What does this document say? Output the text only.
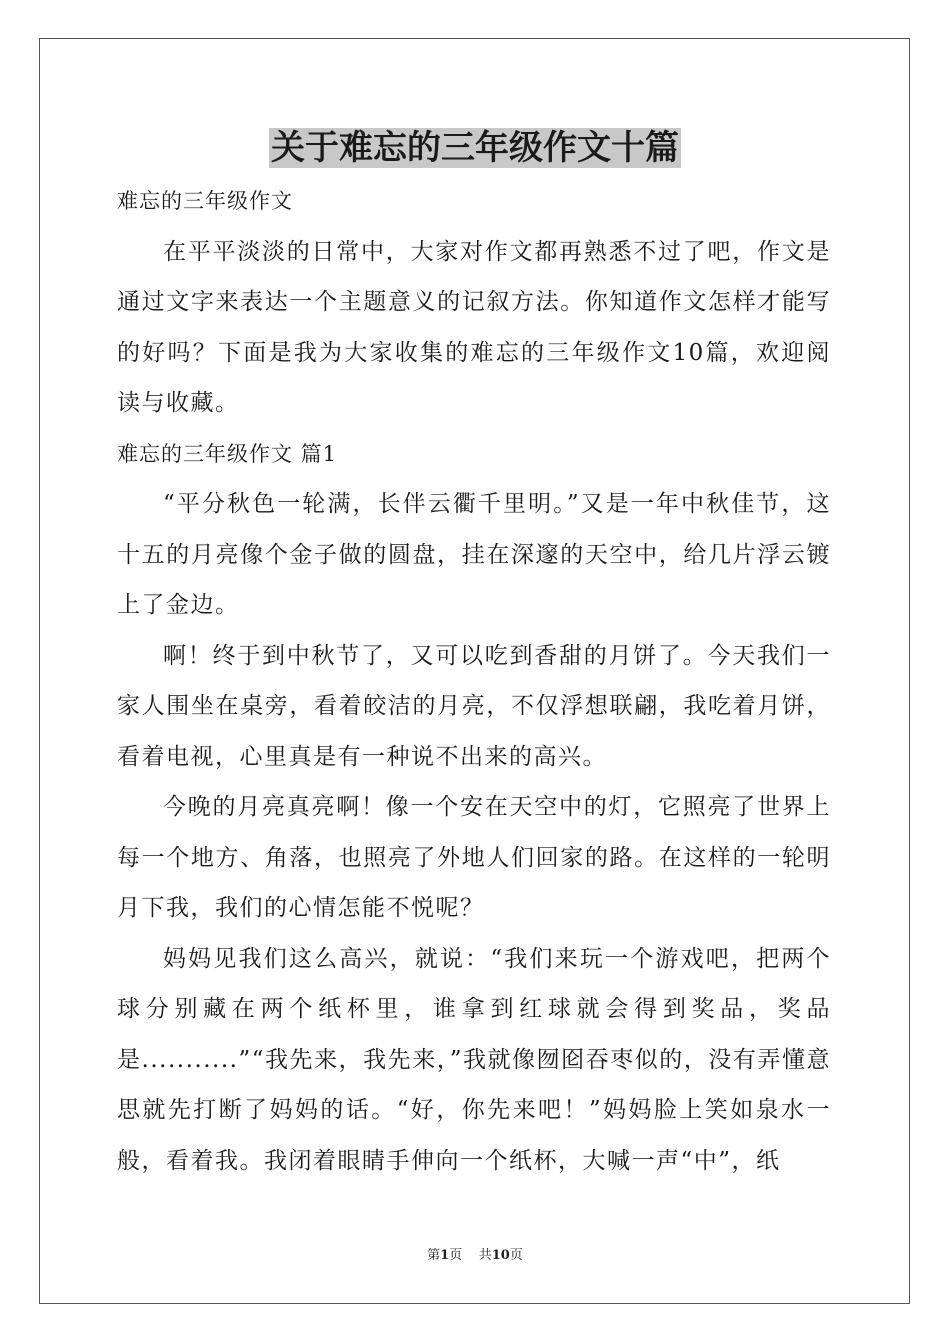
关于难忘的三年级作文十篇

难忘的三年级作文

在平平淡淡的日常中，大家对作文都再熟悉不过了吧，作文是通过文字来表达一个主题意义的记叙方法。你知道作文怎样才能写的好吗？下面是我为大家收集的难忘的三年级作文10篇，欢迎阅读与收藏。

难忘的三年级作文 篇1

“平分秋色一轮满，长伴云衢千里明。”又是一年中秋佳节，这十五的月亮像个金子做的圆盘，挂在深邃的天空中，给几片浮云镀上了金边。

啊！终于到中秋节了，又可以吃到香甜的月饼了。今天我们一家人围坐在桌旁，看着皎洁的月亮，不仅浮想联翩，我吃着月饼，看着电视，心里真是有一种说不出来的高兴。

今晚的月亮真亮啊！像一个安在天空中的灯，它照亮了世界上每一个地方、角落，也照亮了外地人们回家的路。在这样的一轮明月下我，我们的心情怎能不悦呢？

妈妈见我们这么高兴，就说：“我们来玩一个游戏吧，把两个球分别藏在两个纸杯里，谁拿到红球就会得到奖品，奖品是...........”“我先来，我先来，”我就像囫囵吞枣似的，没有弄懂意思就先打断了妈妈的话。“好，你先来吧！”妈妈脸上笑如泉水一般，看着我。我闭着眼睛手伸向一个纸杯，大喊一声“中”，纸

第1页 共10页
